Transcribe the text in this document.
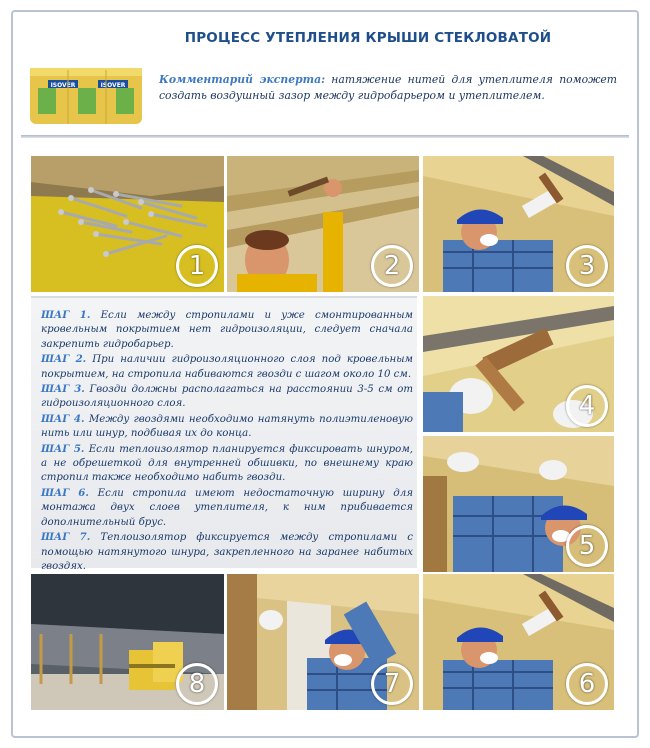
ПРОЦЕСС УТЕПЛЕНИЯ КРЫШИ СТЕКЛОВАТОЙ
ISOVER	ISOVER	Комментарий эксперта: натяжение нитей для утеплителя поможет создать воздушный зазор между гидробарьером и утеплителем.
1	2	3

ШАГ 1. Если между стропилами и уже смонтированным кровельным покрытием нет гидроизоляции, следует сначала закрепить гидробарьер.

ШАГ 2. При наличии гидроизоляционного слоя под кровельным покрытием, на стропила набиваются гвозди с шагом около 10 см.

ШАГ 3. Гвозди должны располагаться на расстоянии 3-5 см от гидроизоляционного слоя.

ШАГ 4. Между гвоздями необходимо натянуть полиэтиленовую нить или шнур, подбивая их до конца.

ШАГ 5. Если теплоизолятор планируется фиксировать шнуром, а не обрешеткой для внутренней обшивки, по внешнему краю стропил также необходимо набить гвозди.

ШАГ 6. Если стропила имеют недостаточную ширину для монтажа двух слоев утеплителя, к ним прибивается дополнительный брус.

ШАГ 7. Теплоизолятор фиксируется между стропилами с помощью натянутого шнура, закрепленного на заранее набитых гвоздях.

4
5
8	7	6
